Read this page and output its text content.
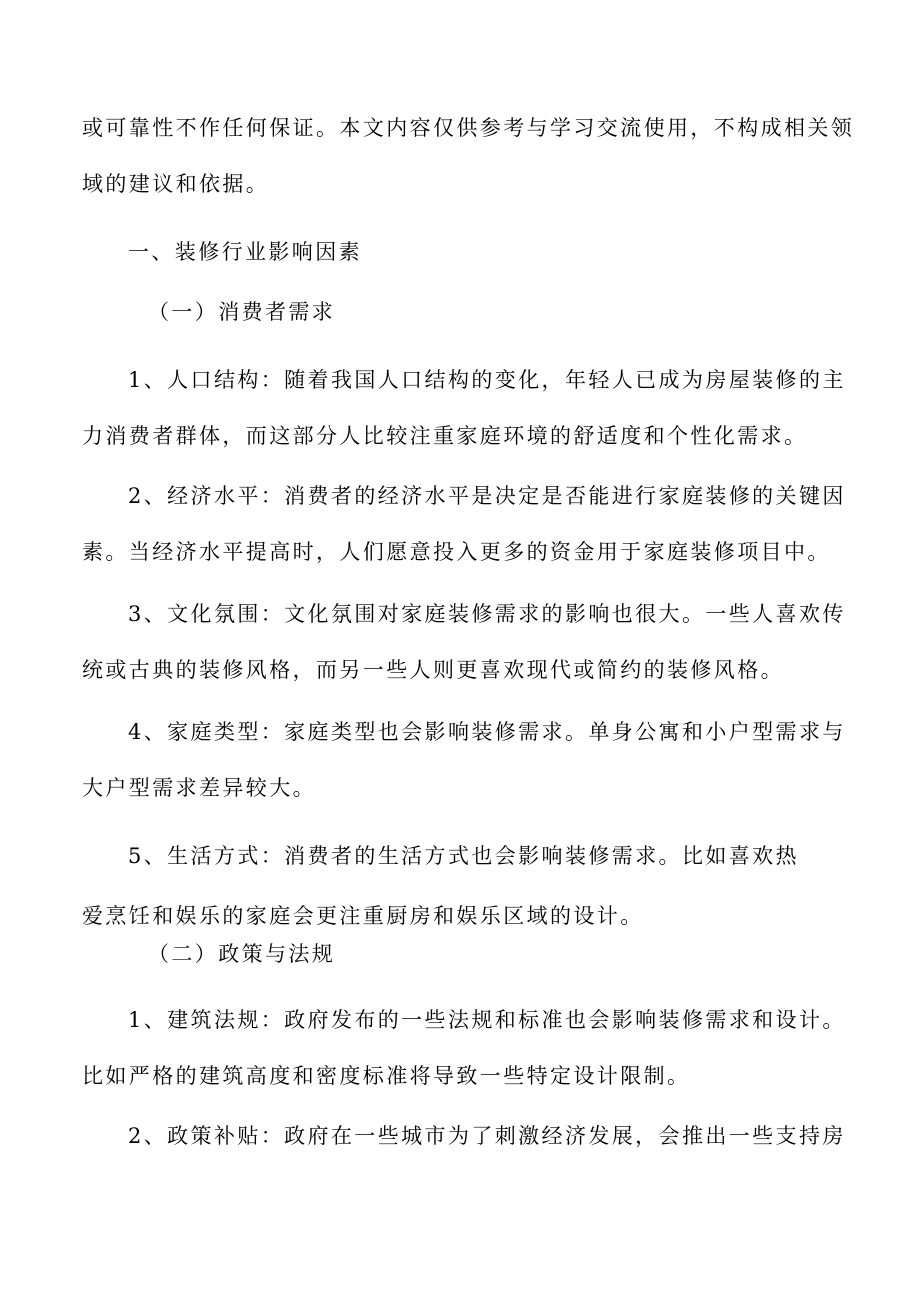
或可靠性不作任何保证。本文内容仅供参考与学习交流使用，不构成相关领
域的建议和依据。
一、装修行业影响因素
（一）消费者需求
1、人口结构：随着我国人口结构的变化，年轻人已成为房屋装修的主
力消费者群体，而这部分人比较注重家庭环境的舒适度和个性化需求。
2、经济水平：消费者的经济水平是决定是否能进行家庭装修的关键因
素。当经济水平提高时，人们愿意投入更多的资金用于家庭装修项目中。
3、文化氛围：文化氛围对家庭装修需求的影响也很大。一些人喜欢传
统或古典的装修风格，而另一些人则更喜欢现代或简约的装修风格。
4、家庭类型：家庭类型也会影响装修需求。单身公寓和小户型需求与
大户型需求差异较大。
5、生活方式：消费者的生活方式也会影响装修需求。比如喜欢热
爱烹饪和娱乐的家庭会更注重厨房和娱乐区域的设计。
（二）政策与法规
1、建筑法规：政府发布的一些法规和标准也会影响装修需求和设计。
比如严格的建筑高度和密度标准将导致一些特定设计限制。
2、政策补贴：政府在一些城市为了刺激经济发展，会推出一些支持房
